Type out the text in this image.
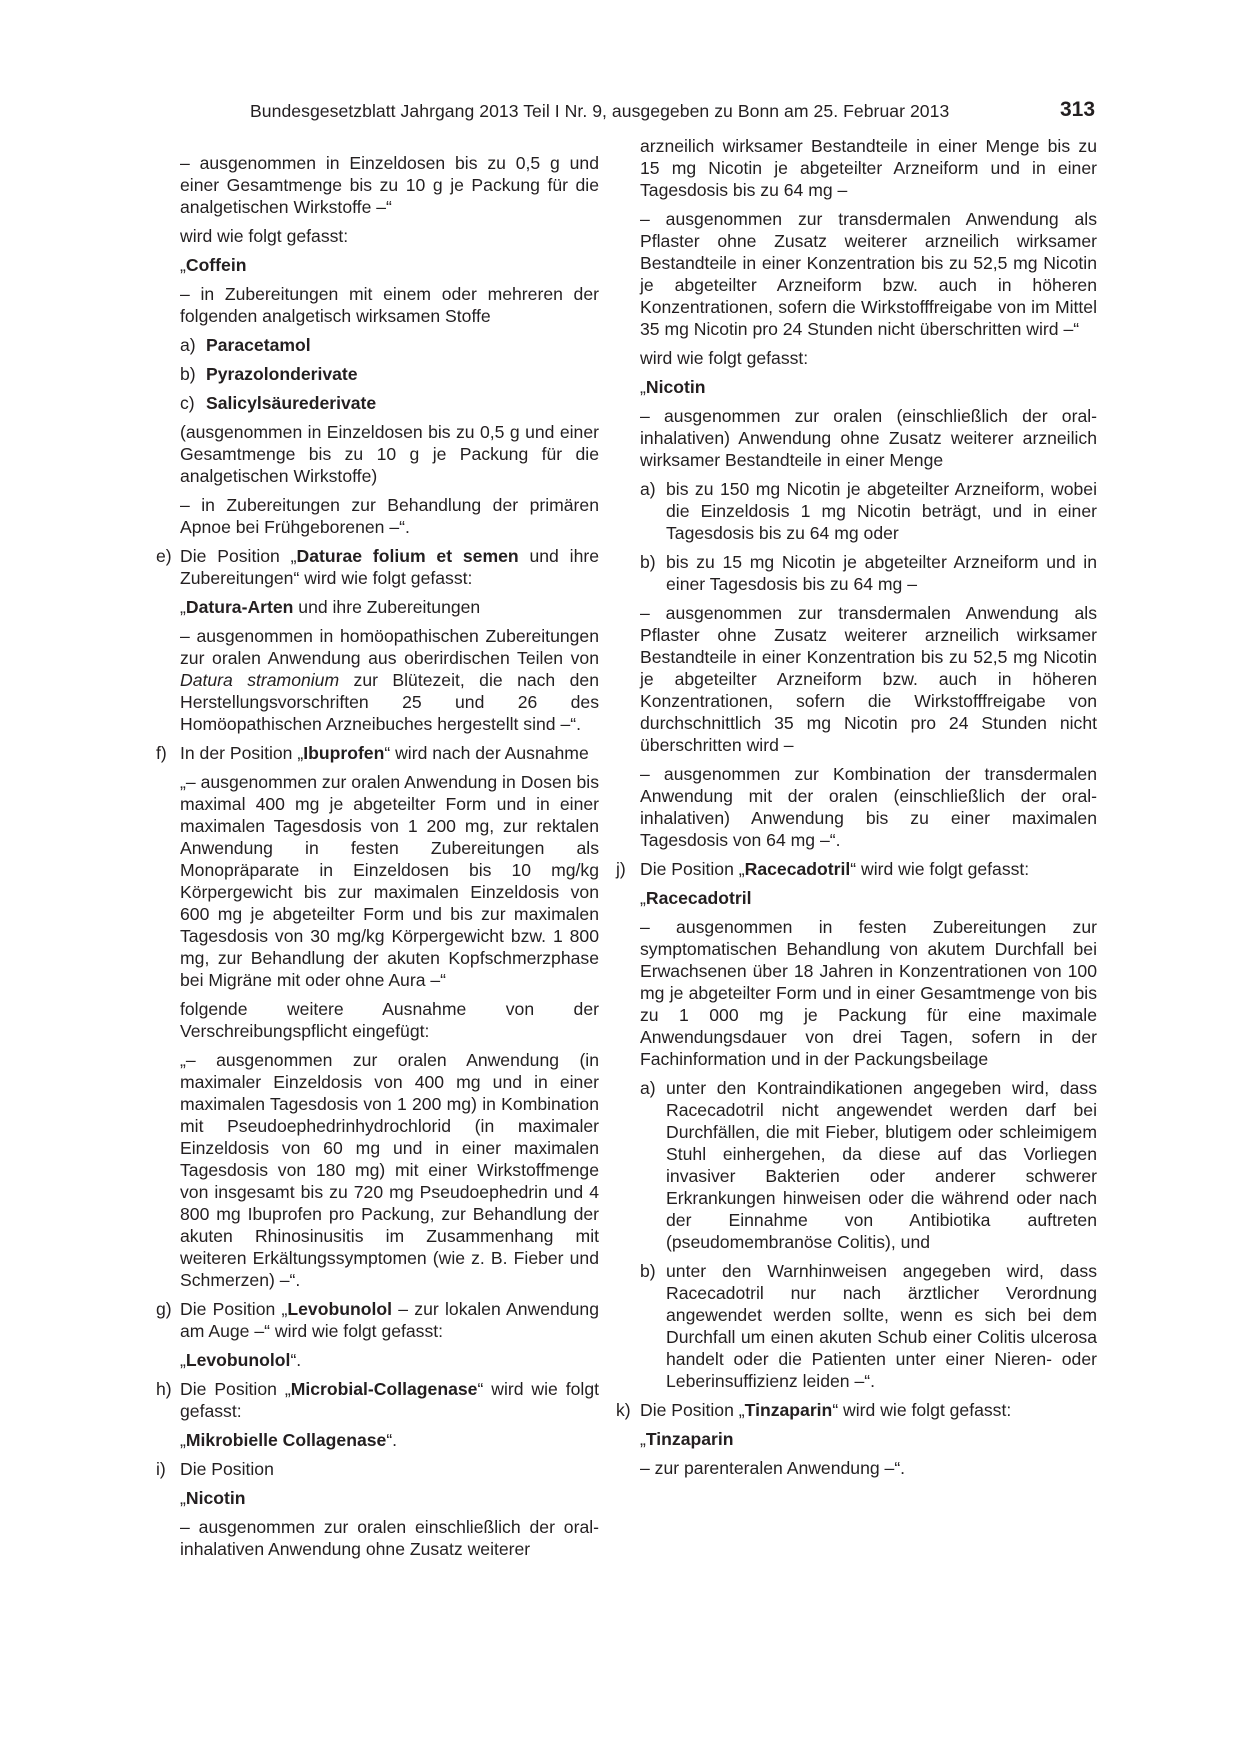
Bundesgesetzblatt Jahrgang 2013 Teil I Nr. 9, ausgegeben zu Bonn am 25. Februar 2013	313
– ausgenommen in Einzeldosen bis zu 0,5 g und einer Gesamtmenge bis zu 10 g je Packung für die analgetischen Wirkstoffe –“
wird wie folgt gefasst:
„Coffein
– in Zubereitungen mit einem oder mehreren der folgenden analgetisch wirksamen Stoffe
a) Paracetamol
b) Pyrazolonderivate
c) Salicylsäurederivate
(ausgenommen in Einzeldosen bis zu 0,5 g und einer Gesamtmenge bis zu 10 g je Packung für die analgetischen Wirkstoffe)
– in Zubereitungen zur Behandlung der primären Apnoe bei Frühgeborenen –“.
e) Die Position „Daturae folium et semen und ihre Zubereitungen“ wird wie folgt gefasst:
„Datura-Arten und ihre Zubereitungen
– ausgenommen in homöopathischen Zubereitungen zur oralen Anwendung aus oberirdischen Teilen von Datura stramonium zur Blütezeit, die nach den Herstellungsvorschriften 25 und 26 des Homöopathischen Arzneibuches hergestellt sind –“.
f) In der Position „Ibuprofen“ wird nach der Ausnahme
„– ausgenommen zur oralen Anwendung in Dosen bis maximal 400 mg je abgeteilter Form und in einer maximalen Tagesdosis von 1 200 mg, zur rektalen Anwendung in festen Zubereitungen als Monopräparate in Einzeldosen bis 10 mg/kg Körpergewicht bis zur maximalen Einzeldosis von 600 mg je abgeteilter Form und bis zur maximalen Tagesdosis von 30 mg/kg Körpergewicht bzw. 1 800 mg, zur Behandlung der akuten Kopfschmerzphase bei Migräne mit oder ohne Aura –“
folgende weitere Ausnahme von der Verschreibungspflicht eingefügt:
„– ausgenommen zur oralen Anwendung (in maximaler Einzeldosis von 400 mg und in einer maximalen Tagesdosis von 1 200 mg) in Kombination mit Pseudoephedrinhydrochlorid (in maximaler Einzeldosis von 60 mg und in einer maximalen Tagesdosis von 180 mg) mit einer Wirkstoffmenge von insgesamt bis zu 720 mg Pseudoephedrin und 4 800 mg Ibuprofen pro Packung, zur Behandlung der akuten Rhinosinusitis im Zusammenhang mit weiteren Erkältungssymptomen (wie z. B. Fieber und Schmerzen) –“.
g) Die Position „Levobunolol – zur lokalen Anwendung am Auge –“ wird wie folgt gefasst:
„Levobunolol“.
h) Die Position „Microbial-Collagenase“ wird wie folgt gefasst:
„Mikrobielle Collagenase“.
i) Die Position
„Nicotin
– ausgenommen zur oralen einschließlich der oral-inhalativen Anwendung ohne Zusatz weiterer
arzneilich wirksamer Bestandteile in einer Menge bis zu 15 mg Nicotin je abgeteilter Arzneiform und in einer Tagesdosis bis zu 64 mg –
– ausgenommen zur transdermalen Anwendung als Pflaster ohne Zusatz weiterer arzneilich wirksamer Bestandteile in einer Konzentration bis zu 52,5 mg Nicotin je abgeteilter Arzneiform bzw. auch in höheren Konzentrationen, sofern die Wirkstofffreigabe von im Mittel 35 mg Nicotin pro 24 Stunden nicht überschritten wird –“
wird wie folgt gefasst:
„Nicotin
– ausgenommen zur oralen (einschließlich der oral-inhalativen) Anwendung ohne Zusatz weiterer arzneilich wirksamer Bestandteile in einer Menge
a) bis zu 150 mg Nicotin je abgeteilter Arzneiform, wobei die Einzeldosis 1 mg Nicotin beträgt, und in einer Tagesdosis bis zu 64 mg oder
b) bis zu 15 mg Nicotin je abgeteilter Arzneiform und in einer Tagesdosis bis zu 64 mg –
– ausgenommen zur transdermalen Anwendung als Pflaster ohne Zusatz weiterer arzneilich wirksamer Bestandteile in einer Konzentration bis zu 52,5 mg Nicotin je abgeteilter Arzneiform bzw. auch in höheren Konzentrationen, sofern die Wirkstofffreigabe von durchschnittlich 35 mg Nicotin pro 24 Stunden nicht überschritten wird –
– ausgenommen zur Kombination der transdermalen Anwendung mit der oralen (einschließlich der oral-inhalativen) Anwendung bis zu einer maximalen Tagesdosis von 64 mg –“.
j) Die Position „Racecadotril“ wird wie folgt gefasst:
„Racecadotril
– ausgenommen in festen Zubereitungen zur symptomatischen Behandlung von akutem Durchfall bei Erwachsenen über 18 Jahren in Konzentrationen von 100 mg je abgeteilter Form und in einer Gesamtmenge von bis zu 1 000 mg je Packung für eine maximale Anwendungsdauer von drei Tagen, sofern in der Fachinformation und in der Packungsbeilage
a) unter den Kontraindikationen angegeben wird, dass Racecadotril nicht angewendet werden darf bei Durchfällen, die mit Fieber, blutigem oder schleimigem Stuhl einhergehen, da diese auf das Vorliegen invasiver Bakterien oder anderer schwerer Erkrankungen hinweisen oder die während oder nach der Einnahme von Antibiotika auftreten (pseudomembranöse Colitis), und
b) unter den Warnhinweisen angegeben wird, dass Racecadotril nur nach ärztlicher Verordnung angewendet werden sollte, wenn es sich bei dem Durchfall um einen akuten Schub einer Colitis ulcerosa handelt oder die Patienten unter einer Nieren- oder Leberinsuffizienz leiden –“.
k) Die Position „Tinzaparin“ wird wie folgt gefasst:
„Tinzaparin
– zur parenteralen Anwendung –“.
